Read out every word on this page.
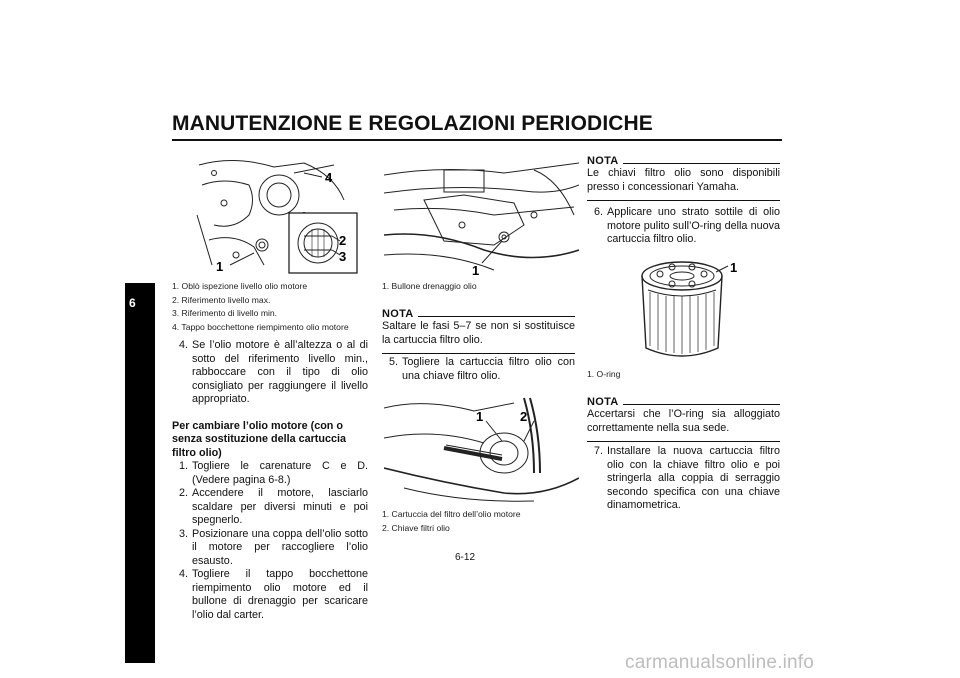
MANUTENZIONE E REGOLAZIONI PERIODICHE
6
4
2
3
1
1. Oblò ispezione livello olio motore
2. Riferimento livello max.
3. Riferimento di livello min.
4. Tappo bocchettone riempimento olio motore
4. Se l’olio motore è all’altezza o al di sotto del riferimento livello min., rabboccare con il tipo di olio consigliato per raggiungere il livello appropriato.
Per cambiare l’olio motore (con o senza sostituzione della cartuccia filtro olio)
1. Togliere le carenature C e D. (Vedere pagina 6-8.)
2. Accendere il motore, lasciarlo scaldare per diversi minuti e poi spegnerlo.
3. Posizionare una coppa dell’olio sotto il motore per raccogliere l’olio esausto.
4. Togliere il tappo bocchettone riempimento olio motore ed il bullone di drenaggio per scaricare l’olio dal carter.
1
1. Bullone drenaggio olio
NOTA
Saltare le fasi 5–7 se non si sostituisce la cartuccia filtro olio.
5. Togliere la cartuccia filtro olio con una chiave filtro olio.
1	2
1. Cartuccia del filtro dell’olio motore
2. Chiave filtri olio
NOTA
Le chiavi filtro olio sono disponibili presso i concessionari Yamaha.
6. Applicare uno strato sottile di olio motore pulito sull’O-ring della nuova cartuccia filtro olio.
1
1. O-ring
NOTA
Accertarsi che l’O-ring sia alloggiato correttamente nella sua sede.
7. Installare la nuova cartuccia filtro olio con la chiave filtro olio e poi stringerla alla coppia di serraggio secondo specifica con una chiave dinamometrica.
6-12
carmanualsonline.info
